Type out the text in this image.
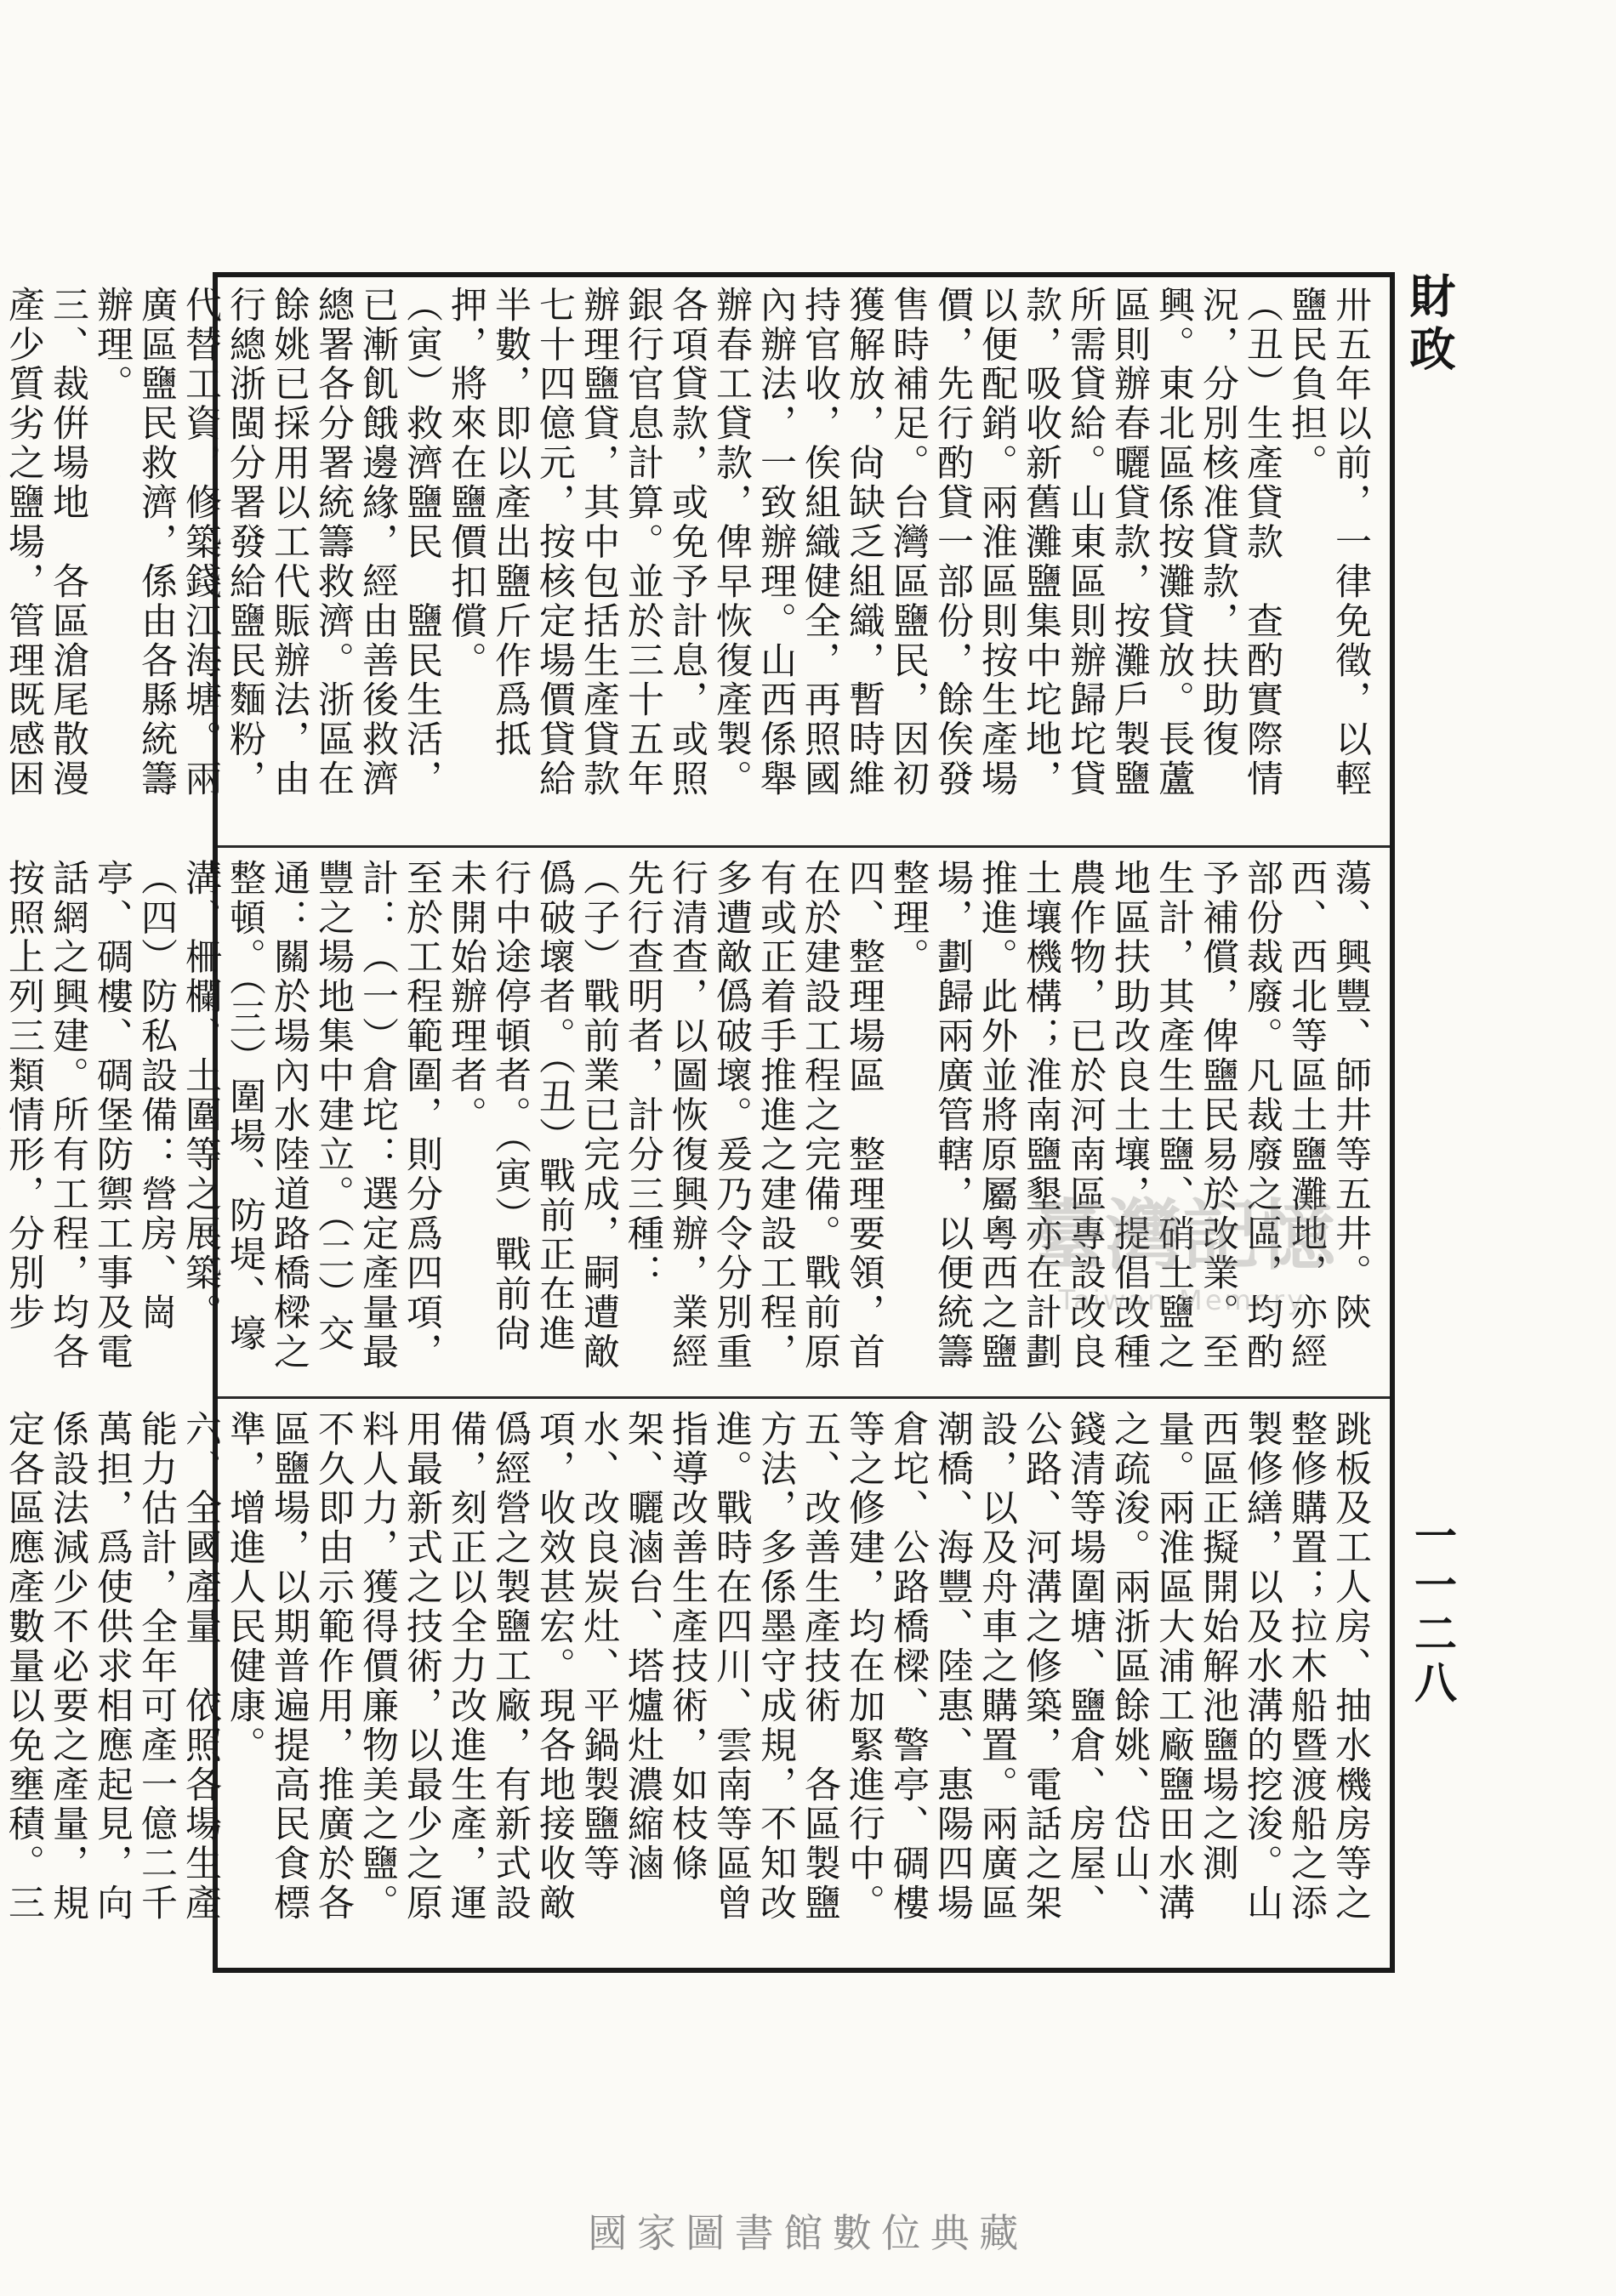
財政
一一二八

卅五年以前，一律免徵，以輕鹽民負担。

（丑）生產貸款　查酌實際情況，分別核准貸款，扶助復興。東北區係按灘貸放。長蘆區則辦春曬貸款，按灘戶製鹽所需貸給。山東區則辦歸坨貸款，吸收新舊灘鹽集中坨地，以便配銷。兩淮區則按生產場價，先行酌貸一部份，餘俟發售時補足。台灣區鹽民，因初獲解放，尙缺乏組織，暫時維持官收，俟組織健全，再照國內辦法，一致辦理。山西係舉辦春工貸款，俾早恢復產製。各項貸款，或免予計息，或照銀行官息計算。並於三十五年辦理鹽貸，其中包括生產貸款七十四億元，按核定場價貸給半數，即以產出鹽斤作爲抵押，將來在鹽價扣償。

（寅）救濟鹽民　鹽民生活，已漸飢餓邊緣，經由善後救濟總署各分署統籌救濟。浙區在餘姚已採用以工代賑辦法，由行總浙閩分署發給鹽民麵粉，代替工資，修築錢江海塘。兩廣區鹽民救濟，係由各縣統籌辦理。

三、裁倂場地　各區滄尾散漫產少質劣之鹽場，管理既感困

蕩、興豐、師井等五井。陝西、西北等區土鹽灘地，亦經部份裁廢。凡裁廢之區，均酌予補償，俾鹽民易於改業。至生計，其產生土鹽、硝土鹽之地區扶助改良土壤，提倡改種農作物，已於河南區專設改良土壤機構；淮南鹽墾亦在計劃推進。此外並將原屬粵西之鹽場，劃歸兩廣管轄，以便統籌整理。

四、整理場區　整理要領，首在於建設工程之完備。戰前原有或正着手推進之建設工程，多遭敵僞破壞。爰乃令分別重行清查，以圖恢復興辦，業經先行查明者，計分三種：

（子）戰前業已完成，嗣遭敵僞破壞者。（丑）戰前正在進行中途停頓者。（寅）戰前尙未開始辦理者。

至於工程範圍，則分爲四項，計：（一）倉坨：選定產量最豐之場地集中建立。（二）交通：關於場內水陸道路橋樑之整頓。（三）圍場、防堤、壕溝、柵欄、土圍等之展築。（四）防私設備：營房、崗亭、碉樓、碉堡防禦工事及電話網之興建。所有工程，均各按照上列三類情形，分別步

跳板及工人房、抽水機房等之整修購置；拉木船暨渡船之添製修繕，以及水溝的挖浚。山西區正擬開始解池鹽場之測量。兩淮區大浦工廠鹽田水溝之疏浚。兩浙區餘姚、岱山、錢清等場圍塘、鹽倉、房屋、公路、河溝之修築，電話之架設，以及舟車之購置。兩廣區潮橋、海豐、陸惠、惠陽四場倉坨、公路橋樑、警亭、碉樓等之修建，均在加緊進行中。

五、改善生產技術　各區製鹽方法，多係墨守成規，不知改進。戰時在四川、雲南等區曾指導改善生產技術，如枝條架、曬滷台、塔爐灶濃縮滷水、改良炭灶、平鍋製鹽等項，收效甚宏。現各地接收敵僞經營之製鹽工廠，有新式設備，刻正以全力改進生產，運用最新式之技術，以最少之原料人力，獲得價廉物美之鹽。不久即由示範作用，推廣於各區鹽場，以期普遍提高民食標準，增進人民健康。

六、全國產量　依照各場生產能力估計，全年可產一億二千萬担，爲使供求相應起見，向係設法減少不必要之產量，規定各區應產數量以免壅積。三

臺灣記憶
Taiwan Memory
國家圖書館數位典藏
